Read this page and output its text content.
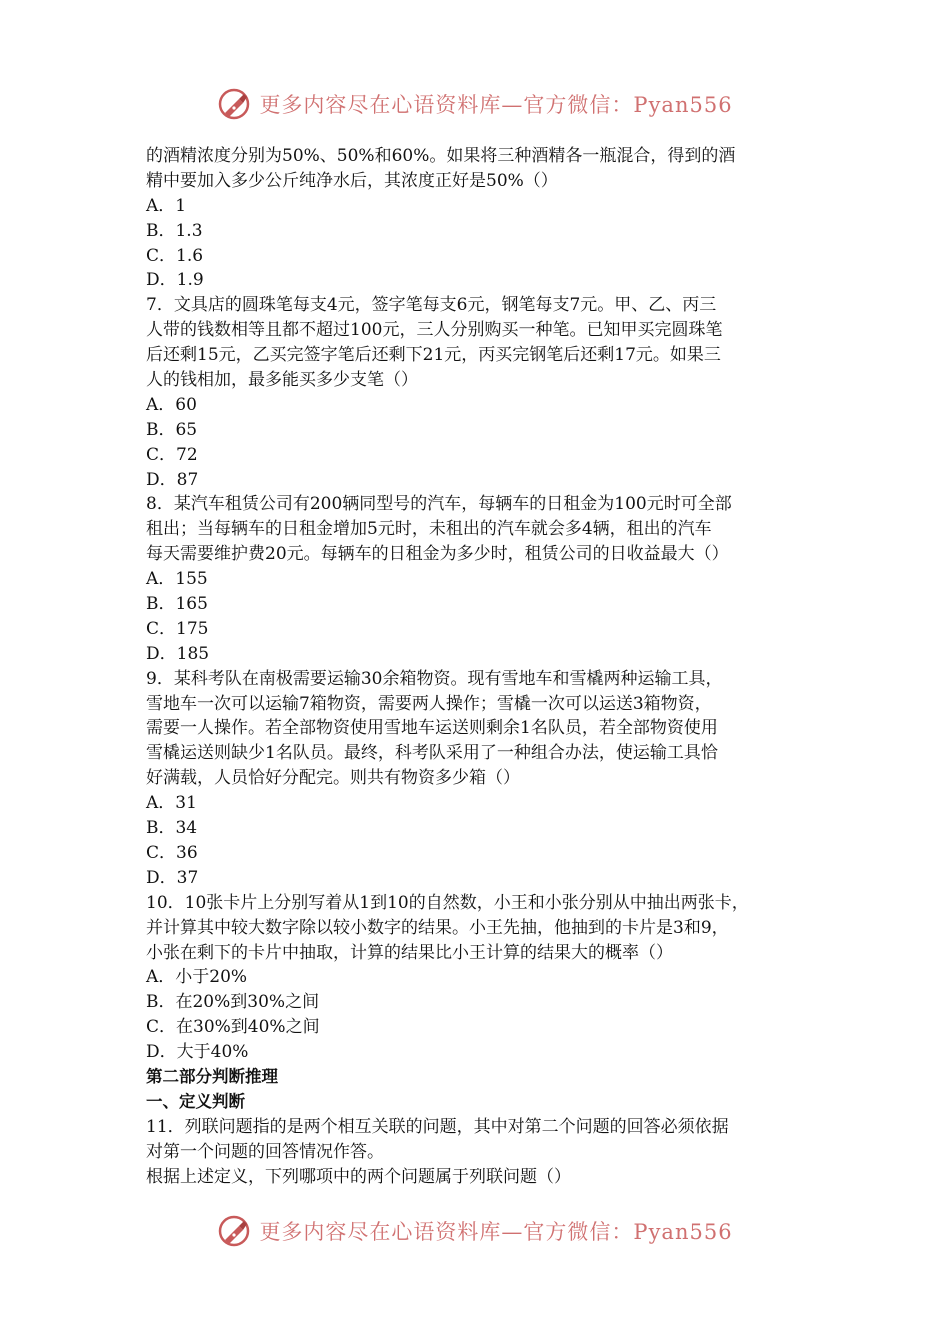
更多内容尽在心语资料库—官方微信：Pyan556
的酒精浓度分别为50%、50%和60%。如果将三种酒精各一瓶混合，得到的酒
精中要加入多少公斤纯净水后，其浓度正好是50%（）
A．1
B．1.3
C．1.6
D．1.9
7．文具店的圆珠笔每支4元，签字笔每支6元，钢笔每支7元。甲、乙、丙三
人带的钱数相等且都不超过100元，三人分别购买一种笔。已知甲买完圆珠笔
后还剩15元，乙买完签字笔后还剩下21元，丙买完钢笔后还剩17元。如果三
人的钱相加，最多能买多少支笔（）
A．60
B．65
C．72
D．87
8．某汽车租赁公司有200辆同型号的汽车，每辆车的日租金为100元时可全部
租出；当每辆车的日租金增加5元时，未租出的汽车就会多4辆，租出的汽车
每天需要维护费20元。每辆车的日租金为多少时，租赁公司的日收益最大（）
A．155
B．165
C．175
D．185
9．某科考队在南极需要运输30余箱物资。现有雪地车和雪橇两种运输工具，
雪地车一次可以运输7箱物资，需要两人操作；雪橇一次可以运送3箱物资，
需要一人操作。若全部物资使用雪地车运送则剩余1名队员，若全部物资使用
雪橇运送则缺少1名队员。最终，科考队采用了一种组合办法，使运输工具恰
好满载，人员恰好分配完。则共有物资多少箱（）
A．31
B．34
C．36
D．37
10．10张卡片上分别写着从1到10的自然数，小王和小张分别从中抽出两张卡，
并计算其中较大数字除以较小数字的结果。小王先抽，他抽到的卡片是3和9，
小张在剩下的卡片中抽取，计算的结果比小王计算的结果大的概率（）
A．小于20%
B．在20%到30%之间
C．在30%到40%之间
D．大于40%
第二部分判断推理
一、定义判断
11．列联问题指的是两个相互关联的问题，其中对第二个问题的回答必须依据
对第一个问题的回答情况作答。
根据上述定义，下列哪项中的两个问题属于列联问题（）
更多内容尽在心语资料库—官方微信：Pyan556
